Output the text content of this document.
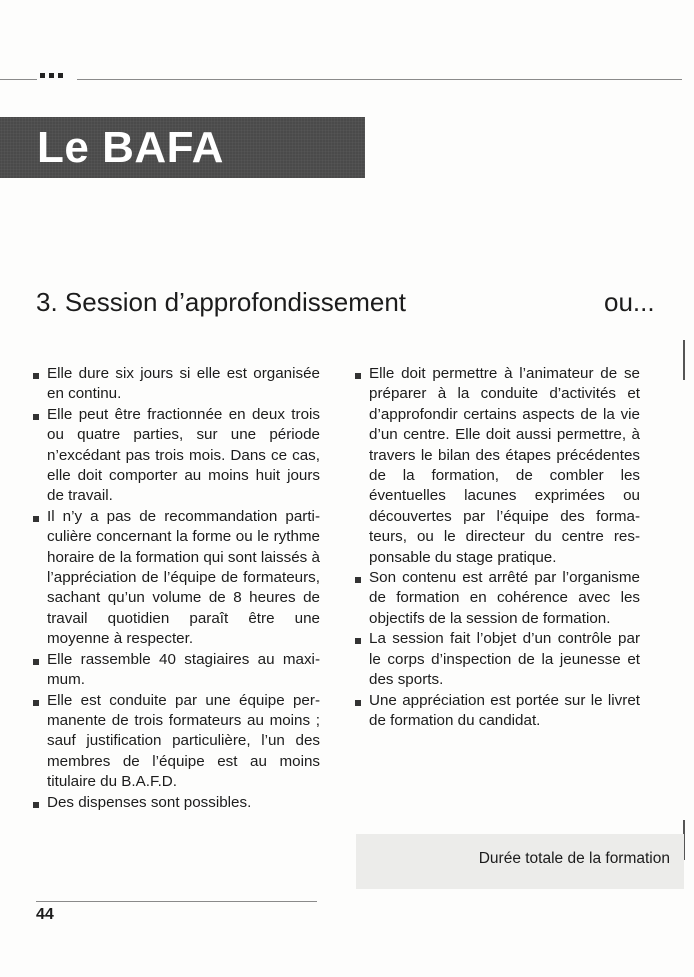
Le BAFA
3. Session d’approfondissement	ou...

Elle dure six jours si elle est organisée en continu.

Elle peut être fractionnée en deux trois ou quatre parties, sur une période n’excédant pas trois mois. Dans ce cas, elle doit comporter au moins huit jours de travail.

Il n’y a pas de recommandation particulière concernant la forme ou le rythme horaire de la formation qui sont laissés à l’appréciation de l’équipe de formateurs, sachant qu’un volume de 8 heures de travail quotidien paraît être une moyenne à respecter.

Elle rassemble 40 stagiaires au maximum.

Elle est conduite par une équipe permanente de trois formateurs au moins ; sauf justification particulière, l’un des membres de l’équipe est au moins titulaire du B.A.F.D.

Des dispenses sont possibles.

Elle doit permettre à l’animateur de se préparer à la conduite d’activités et d’approfondir certains aspects de la vie d’un centre. Elle doit aussi permettre, à travers le bilan des étapes précédentes de la formation, de combler les éventuelles lacunes exprimées ou découvertes par l’équipe des formateurs, ou le directeur du centre responsable du stage pratique.

Son contenu est arrêté par l’organisme de formation en cohérence avec les objectifs de la session de formation.

La session fait l’objet d’un contrôle par le corps d’inspection de la jeunesse et des sports.

Une appréciation est portée sur le livret de formation du candidat.

Durée totale de la formation
44
